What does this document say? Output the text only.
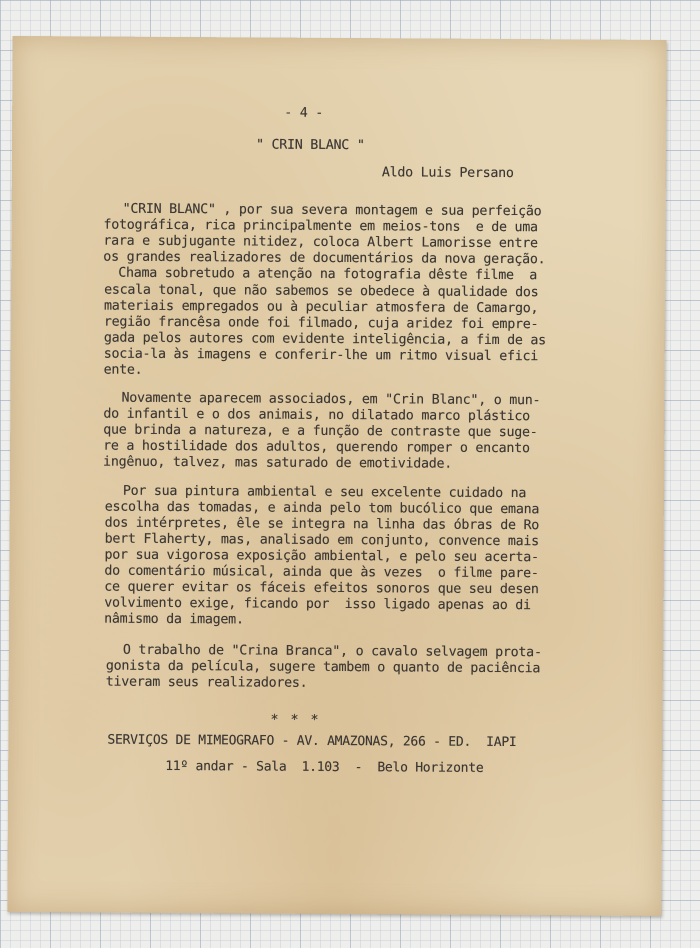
- 4 -
" CRIN BLANC "
Aldo Luis Persano
"CRIN BLANC" , por sua severa montagem e sua perfeição
fotográfica, rica principalmente em meios-tons  e de uma
rara e subjugante nitidez, coloca Albert Lamorisse entre
os grandes realizadores de documentários da nova geração.
Chama sobretudo a atenção na fotografia dêste filme  a
escala tonal, que não sabemos se obedece à qualidade dos
materiais empregados ou à peculiar atmosfera de Camargo,
região francêsa onde foi filmado, cuja aridez foi empre-
gada pelos autores com evidente inteligência, a fim de as
socia-la às imagens e conferir-lhe um ritmo visual efici
ente.
Novamente aparecem associados, em "Crin Blanc", o mun-
do infantil e o dos animais, no dilatado marco plástico
que brinda a natureza, e a função de contraste que suge-
re a hostilidade dos adultos, querendo romper o encanto
ingênuo, talvez, mas saturado de emotividade.
Por sua pintura ambiental e seu excelente cuidado na
escolha das tomadas, e ainda pelo tom bucólico que emana
dos intérpretes, êle se integra na linha das óbras de Ro
bert Flaherty, mas, analisado em conjunto, convence mais
por sua vigorosa exposição ambiental, e pelo seu acerta-
do comentário músical, ainda que às vezes  o filme pare-
ce querer evitar os fáceis efeitos sonoros que seu desen
volvimento exige, ficando por  isso ligado apenas ao di
nâmismo da imagem.
O trabalho de "Crina Branca", o cavalo selvagem prota-
gonista da película, sugere tambem o quanto de paciência
tiveram seus realizadores.
* * *
SERVIÇOS DE MIMEOGRAFO - AV. AMAZONAS, 266 - ED.  IAPI
11º andar - Sala  1.103  -  Belo Horizonte
